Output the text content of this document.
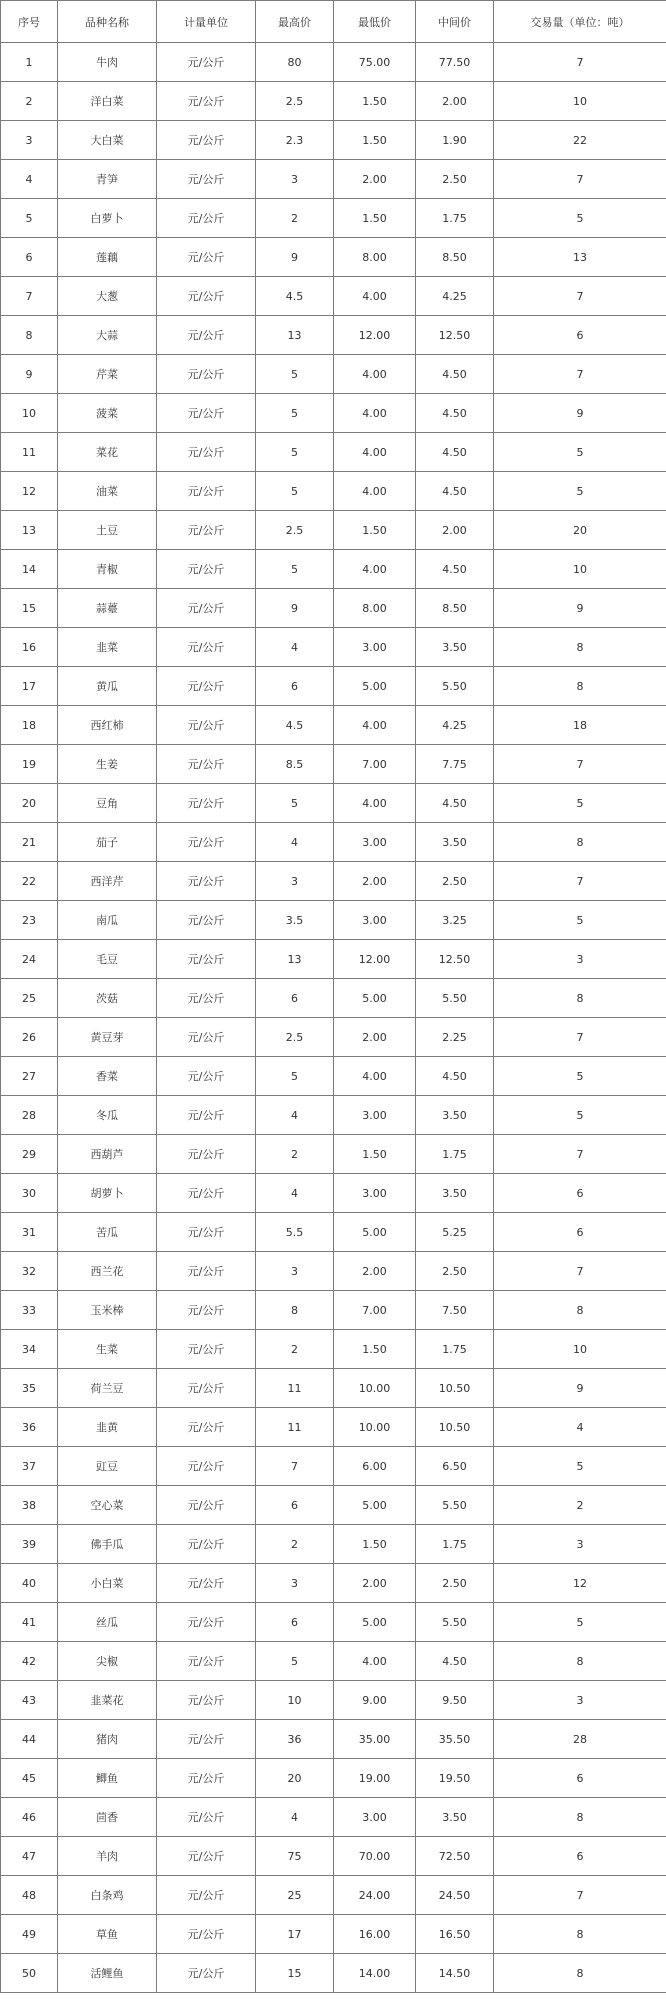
序号	品种名称	计量单位	最高价	最低价	中间价	交易量（单位：吨）
1	牛肉	元/公斤	80	75.00	77.50	7
2	洋白菜	元/公斤	2.5	1.50	2.00	10
3	大白菜	元/公斤	2.3	1.50	1.90	22
4	青笋	元/公斤	3	2.00	2.50	7
5	白萝卜	元/公斤	2	1.50	1.75	5
6	莲藕	元/公斤	9	8.00	8.50	13
7	大葱	元/公斤	4.5	4.00	4.25	7
8	大蒜	元/公斤	13	12.00	12.50	6
9	芹菜	元/公斤	5	4.00	4.50	7
10	菠菜	元/公斤	5	4.00	4.50	9
11	菜花	元/公斤	5	4.00	4.50	5
12	油菜	元/公斤	5	4.00	4.50	5
13	土豆	元/公斤	2.5	1.50	2.00	20
14	青椒	元/公斤	5	4.00	4.50	10
15	蒜薹	元/公斤	9	8.00	8.50	9
16	韭菜	元/公斤	4	3.00	3.50	8
17	黄瓜	元/公斤	6	5.00	5.50	8
18	西红柿	元/公斤	4.5	4.00	4.25	18
19	生姜	元/公斤	8.5	7.00	7.75	7
20	豆角	元/公斤	5	4.00	4.50	5
21	茄子	元/公斤	4	3.00	3.50	8
22	西洋芹	元/公斤	3	2.00	2.50	7
23	南瓜	元/公斤	3.5	3.00	3.25	5
24	毛豆	元/公斤	13	12.00	12.50	3
25	茨菇	元/公斤	6	5.00	5.50	8
26	黄豆芽	元/公斤	2.5	2.00	2.25	7
27	香菜	元/公斤	5	4.00	4.50	5
28	冬瓜	元/公斤	4	3.00	3.50	5
29	西葫芦	元/公斤	2	1.50	1.75	7
30	胡萝卜	元/公斤	4	3.00	3.50	6
31	苦瓜	元/公斤	5.5	5.00	5.25	6
32	西兰花	元/公斤	3	2.00	2.50	7
33	玉米棒	元/公斤	8	7.00	7.50	8
34	生菜	元/公斤	2	1.50	1.75	10
35	荷兰豆	元/公斤	11	10.00	10.50	9
36	韭黄	元/公斤	11	10.00	10.50	4
37	豇豆	元/公斤	7	6.00	6.50	5
38	空心菜	元/公斤	6	5.00	5.50	2
39	佛手瓜	元/公斤	2	1.50	1.75	3
40	小白菜	元/公斤	3	2.00	2.50	12
41	丝瓜	元/公斤	6	5.00	5.50	5
42	尖椒	元/公斤	5	4.00	4.50	8
43	韭菜花	元/公斤	10	9.00	9.50	3
44	猪肉	元/公斤	36	35.00	35.50	28
45	鲫鱼	元/公斤	20	19.00	19.50	6
46	茴香	元/公斤	4	3.00	3.50	8
47	羊肉	元/公斤	75	70.00	72.50	6
48	白条鸡	元/公斤	25	24.00	24.50	7
49	草鱼	元/公斤	17	16.00	16.50	8
50	活鲤鱼	元/公斤	15	14.00	14.50	8
